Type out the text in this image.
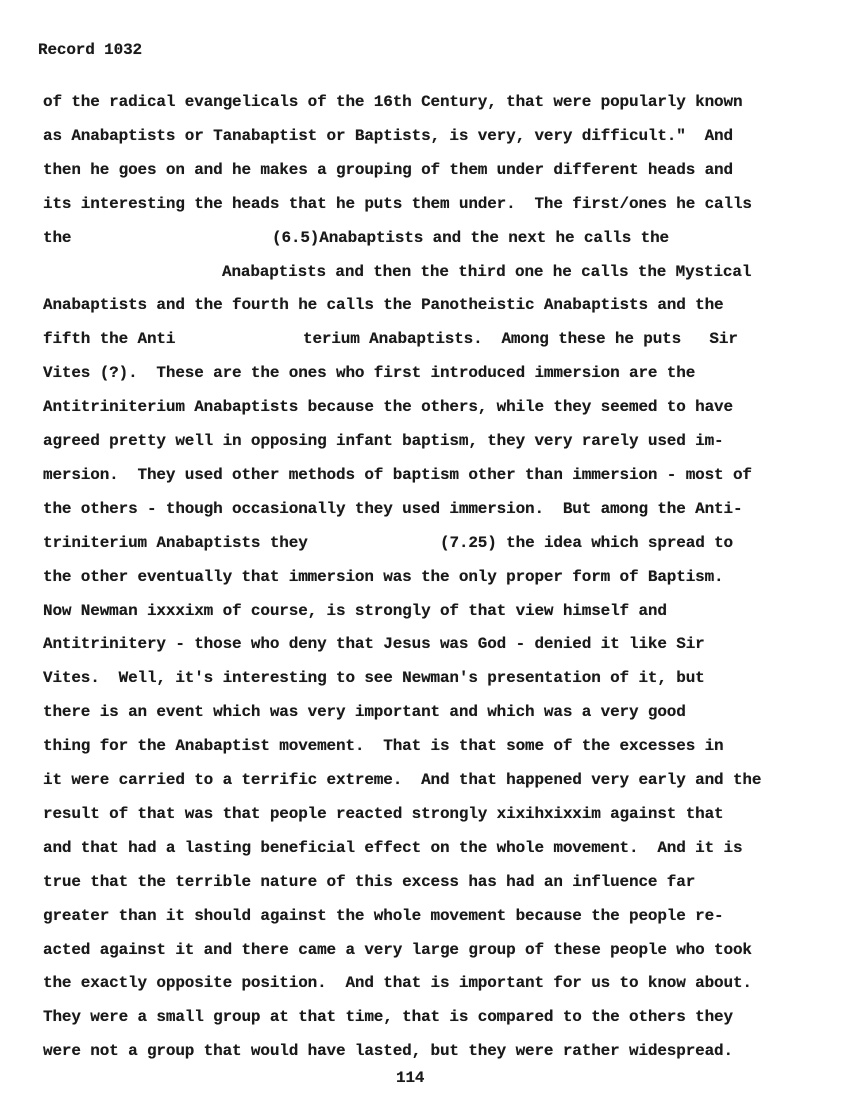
Record 1032
of the radical evangelicals of the 16th Century, that were popularly known
as Anabaptists or Tanabaptist or Baptists, is very, very difficult."  And
then he goes on and he makes a grouping of them under different heads and
its interesting the heads that he puts them under.  The first/ones he calls
the	(6.5)Anabaptists and the next he calls the
Anabaptists and then the third one he calls the Mystical
Anabaptists and the fourth he calls the Panotheistic Anabaptists and the
fifth the Anti	terium Anabaptists.  Among these he puts   Sir
Vites (?).  These are the ones who first introduced immersion are the
Antitriniterium Anabaptists because the others, while they seemed to have
agreed pretty well in opposing infant baptism, they very rarely used im-
mersion.  They used other methods of baptism other than immersion - most of
the others - though occasionally they used immersion.  But among the Anti-
triniterium Anabaptists they	(7.25) the idea which spread to
the other eventually that immersion was the only proper form of Baptism.
Now Newman ixxxixm of course, is strongly of that view himself and
Antitrinitery - those who deny that Jesus was God - denied it like Sir
Vites.  Well, it's interesting to see Newman's presentation of it, but
there is an event which was very important and which was a very good
thing for the Anabaptist movement.  That is that some of the excesses in
it were carried to a terrific extreme.  And that happened very early and the
result of that was that people reacted strongly xixihxixxim against that
and that had a lasting beneficial effect on the whole movement.  And it is
true that the terrible nature of this excess has had an influence far
greater than it should against the whole movement because the people re-
acted against it and there came a very large group of these people who took
the exactly opposite position.  And that is important for us to know about.
They were a small group at that time, that is compared to the others they
were not a group that would have lasted, but they were rather widespread.
114
